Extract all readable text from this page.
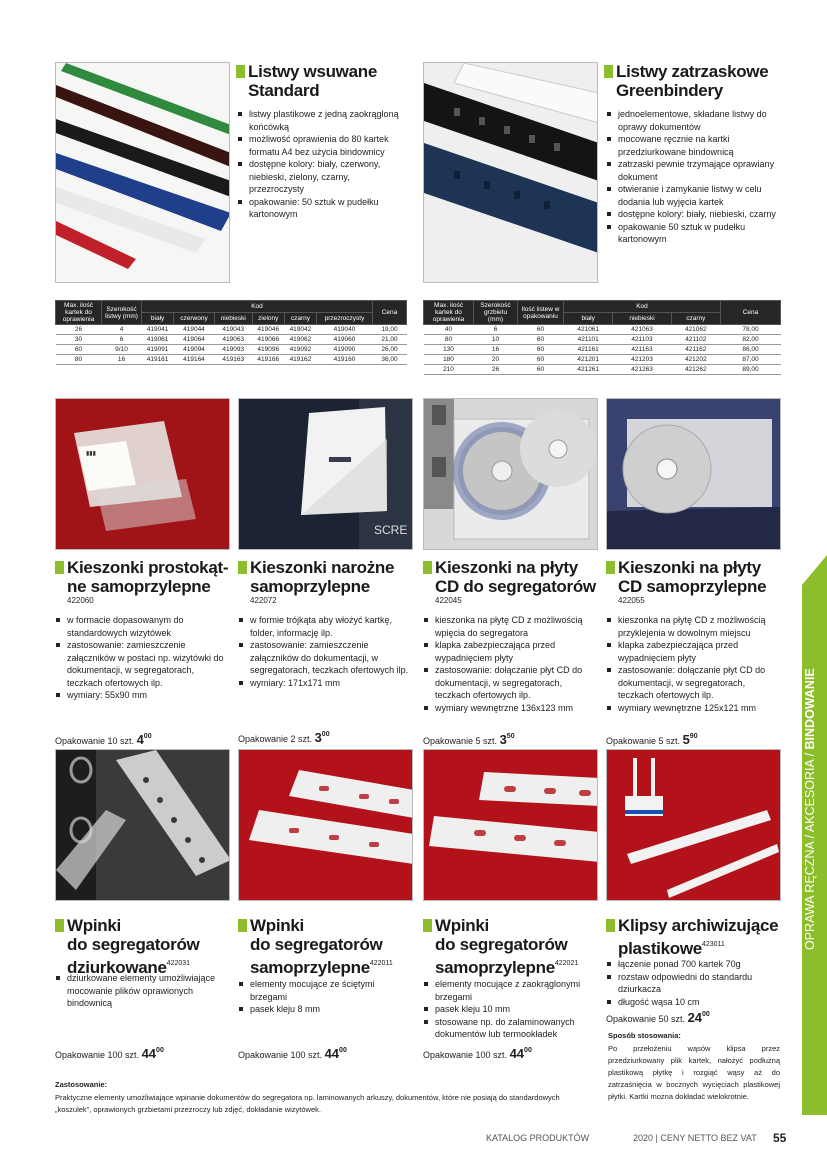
Listwy wsuwane
Standard
listwy plastikowe z jedną zaokrągloną końcówką
możliwość oprawienia do 80 kartek formatu A4 bez użycia bindownicy
dostępne kolory: biały, czerwony, niebieski, zielony, czarny, przezroczysty
opakowanie: 50 sztuk w pudełku kartonowym
Listwy zatrzaskowe
Greenbindery
jednoelementowe, składane listwy do oprawy dokumentów
mocowane ręcznie na kartki przedziurkowane bindownicą
zatrzaski pewnie trzymające oprawiany dokument
otwieranie i zamykanie listwy w celu dodania lub wyjęcia kartek
dostępne kolory: biały, niebieski, czarny
opakowanie 50 sztuk w pudełku kartonowym
Max. ilość kartek do oprawienia	Szerokość listwy (mm)	Kod						Cena
		biały	czerwony	niebieski	zielony	czarny	przezroczysty	
26	4	419041	419044	419043	419046	419042	419040	19,00
30	6	419061	419064	419063	419066	419062	419060	21,00
60	9/10	419091	419094	419093	419096	419092	419090	26,00
80	16	419161	419164	419163	419166	419162	419160	36,00
Max. ilość kartek do oprawienia	Szerokość grzbietu (mm)	Ilość listew w opakowaniu	Kod			Cena
			biały	niebieski	czarny	
40	6	60	421061	421063	421062	78,00
80	10	60	421101	421103	421102	82,00
130	16	60	421161	421163	421162	86,00
180	20	60	421201	421203	421202	87,00
210	26	60	421261	421263	421262	89,00
▮▮▮
SCRE
Kieszonki prostokąt-
ne samoprzylepne
422060
w formacie dopasowanym do standardowych wizytówek
zastosowanie: zamieszczenie załączników w postaci np. wizytówki do dokumentacji, w segregatorach, teczkach ofertowych ilp.
wymiary: 55x90 mm
Opakowanie 10 szt. $4^{00}$
Kieszonki narożne
samoprzylepne
422072
w formie trójkąta aby włożyć kartkę, folder, informację ilp.
zastosowanie: zamieszczenie załączników do dokumentacji, w segregatorach, teczkach ofertowych ilp.
wymiary: 171x171 mm
Opakowanie 2 szt. $3^{00}$
Kieszonki na płyty
CD do segregatorów
422045
kieszonka na płytę CD z możliwością wpięcia do segregatora
klapka zabezpieczająca przed wypadnięciem płyty
zastosowanie: dołączanie płyt CD do dokumentacji, w segregatorach, teczkach ofertowych ilp.
wymiary wewnętrzne 136x123 mm
Opakowanie 5 szt. $3^{50}$
Kieszonki na płyty
CD samoprzylepne
422055
kieszonka na płytę CD z możliwością przyklejenia w dowolnym miejscu
klapka zabezpieczająca przed wypadnięciem płyty
zastosowanie: dołączanie płyt CD do dokumentacji, w segregatorach, teczkach ofertowych ilp.
wymiary wewnętrzne 125x121 mm
Opakowanie 5 szt. $5^{90}$
Wpinki
do segregatorów
dziurkowane$^{422031}$
dziurkowane elementy umożliwiające mocowanie plików oprawionych bindownicą
Opakowanie 100 szt. $44^{00}$
Wpinki
do segregatorów
samoprzylepne$^{422011}$
elementy mocujące ze ściętymi brzegami
pasek kleju 8 mm
Opakowanie 100 szt. $44^{00}$
Wpinki
do segregatorów
samoprzylepne$^{422021}$
elementy mocujące z zaokrąglonymi brzegami
pasek kleju 10 mm
stosowane np. do zalaminowanych dokumentów lub termookładek
Opakowanie 100 szt. $44^{00}$
Klipsy archiwizujące
plastikowe$^{423011}$
łączenie ponad 700 kartek 70g
rozstaw odpowiedni do standardu dziurkacza
długość wąsa 10 cm
Opakowanie 50 szt. $24^{00}$
Sposób stosowania:
Po przełożeniu wąsów klipsa przez przedziurkowany plik kartek, nałożyć podłużną plastikową płytkę i rozgiąć wąsy aż do zatrzaśnięcia w bocznych wycięciach plastikowej płytki. Kartki można dokładać wielokrotnie.
Zastosowanie:
Praktyczne elementy umożliwiające wpinanie dokumentów do segregatora np. laminowanych arkuszy, dokumentów, które nie posiają do standardowych „koszulek”, oprawionych grzbietami przezroczy lub zdjęć, dokładanie wizytówek.
OPRAWA RĘCZNA / AKCESORIA / BINDOWANIE
KATALOG PRODUKTÓW	2020 | CENY NETTO BEZ VAT 55
